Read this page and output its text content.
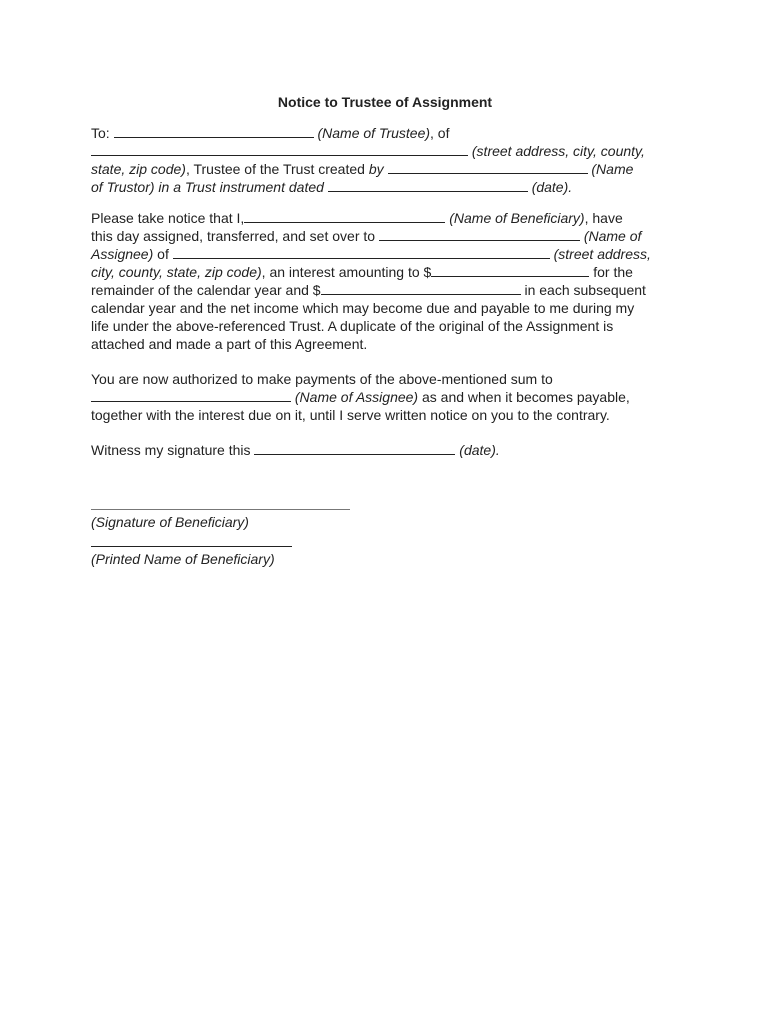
Notice to Trustee of Assignment
To:	(Name of Trustee), of
(street address, city, county,
state, zip code), Trustee of the Trust created by	(Name
of Trustor) in a Trust instrument dated	(date).
Please take notice that I,	(Name of Beneficiary), have
this day assigned, transferred, and set over to	(Name of
Assignee) of	(street address,
city, county, state, zip code), an interest amounting to $	for the
remainder of the calendar year and $	in each subsequent
calendar year and the net income which may become due and payable to me during my
life under the above-referenced Trust. A duplicate of the original of the Assignment is
attached and made a part of this Agreement.
You are now authorized to make payments of the above-mentioned sum to
(Name of Assignee) as and when it becomes payable,
together with the interest due on it, until I serve written notice on you to the contrary.
Witness my signature this	(date).
(Signature of Beneficiary)
(Printed Name of Beneficiary)
